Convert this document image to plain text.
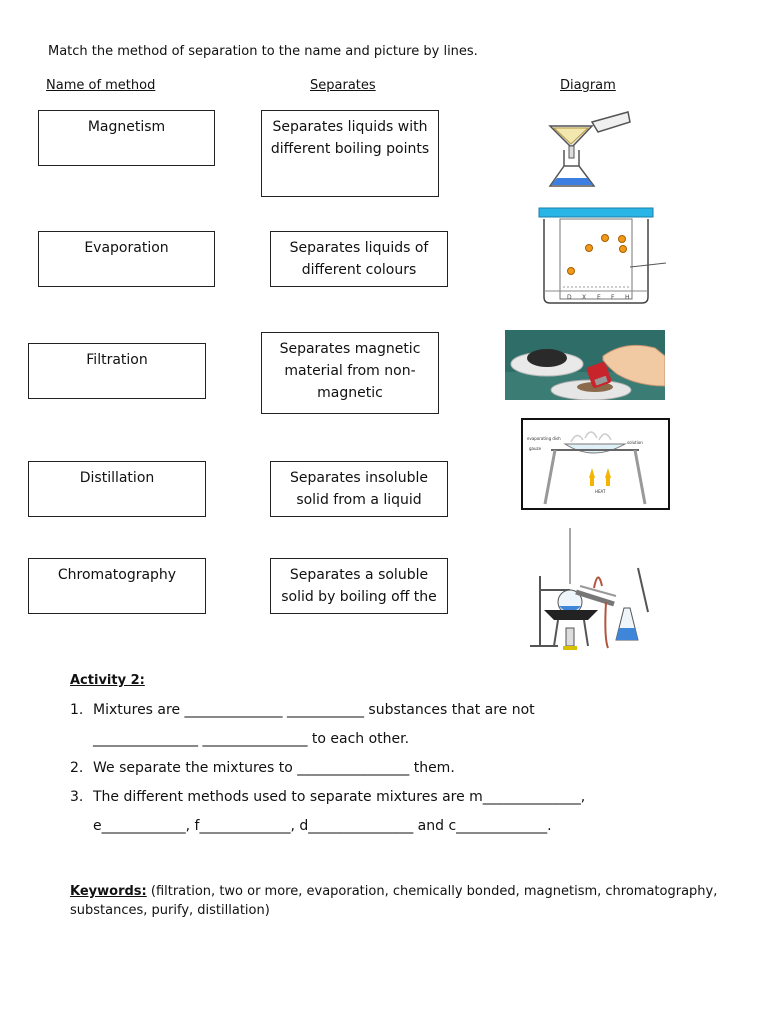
Match the method of separation to the name and picture by lines.
Name of method	Separates	Diagram
Magnetism
Evaporation
Filtration
Distillation
Chromatography
Separates liquids with different boiling points
Separates liquids of different colours
Separates magnetic material from non-magnetic
Separates insoluble solid from a liquid
Separates a soluble solid by boiling off the
D X E F H
evaporating dish
solution
gauze
HEAT
Activity 2:
1. Mixtures are ______________ ___________ substances that are not
_______________ _______________ to each other.
2. We separate the mixtures to ________________ them.
3. The different methods used to separate mixtures are m______________,
e____________, f_____________, d_______________ and c_____________.
Keywords: (filtration, two or more, evaporation, chemically bonded, magnetism, chromatography, substances, purify, distillation)
